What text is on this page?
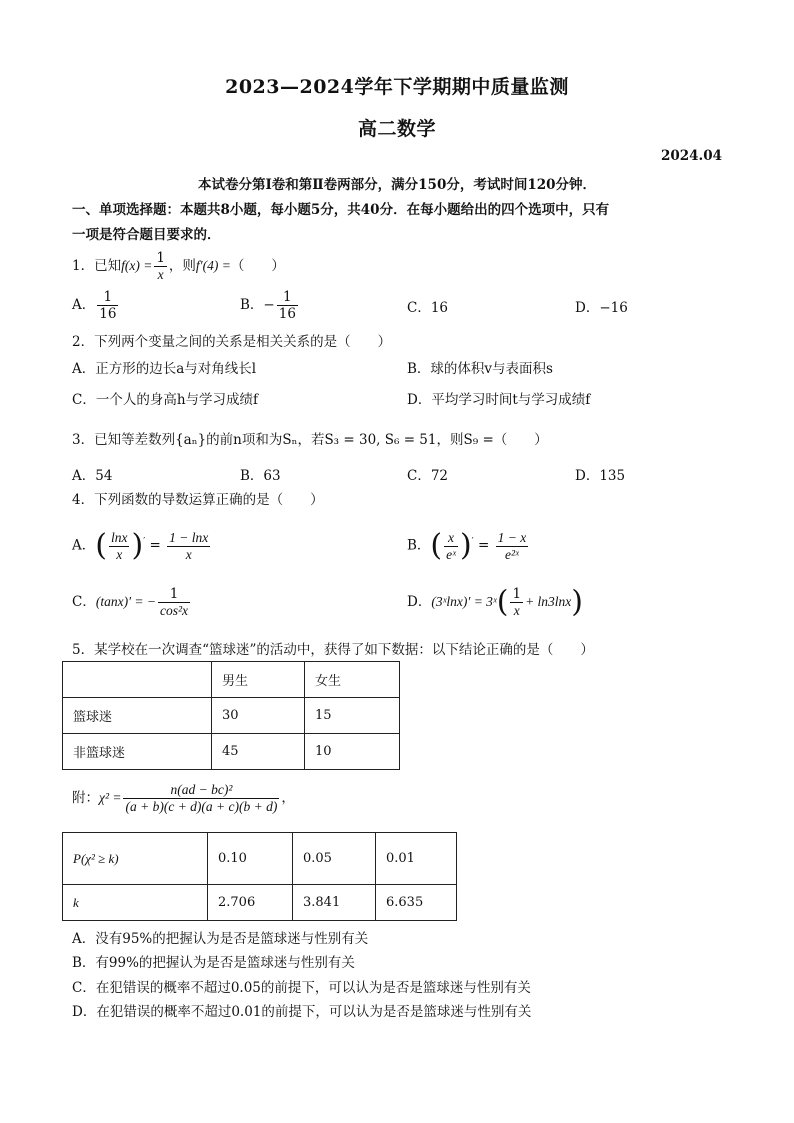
2023—2024学年下学期期中质量监测
高二数学
2024.04
本试卷分第Ⅰ卷和第Ⅱ卷两部分，满分150分，考试时间120分钟．
一、单项选择题：本题共8小题，每小题5分，共40分．在每小题给出的四个选项中，只有
一项是符合题目要求的．
1．已知$f(x) = \frac{1}{x}$ ，则f′(4) =（　　）
A． $\frac{1}{16}$	B．− $\frac{1}{16}$	C．16	D．−16
2．下列两个变量之间的关系是相关关系的是（　　）
A．正方形的边长a与对角线长l	B．球的体积v与表面积s
C．一个人的身高h与学习成绩f	D．平均学习时间t与学习成绩f
3．已知等差数列{aₙ}的前n项和为Sₙ，若S₃ = 30, S₆ = 51，则S₉ =（　　）
A．54	B．63	C．72	D．135
4．下列函数的导数运算正确的是（　　）
A．( $\frac{\ln x}{x} )' = \frac{1 - \ln x}{x}$	B．( $\frac{x}{\text{eˣ}} )' = \frac{1 - x}{\text{e²ˣ}}$
C．(tanx)′ = − $\frac{1}{\text{cos²x}}$	D．(3ˣlnx)′ = 3ˣ( $\frac{1}{x} + \ln 3\ln x$)
5．某学校在一次调查“篮球迷”的活动中，获得了如下数据：以下结论正确的是（　　）
	男生	女生
篮球迷	30	15
非篮球迷	45	10
附：$\chi^2 = \frac{\text{n(ad − bc)²}}{(a + b)(c + d)(a + c)(b + d)}$ ，
P(χ² ≥ k)	0.10	0.05	0.01
k	2.706	3.841	6.635
A．没有95%的把握认为是否是篮球迷与性别有关
B．有99%的把握认为是否是篮球迷与性别有关
C．在犯错误的概率不超过0.05的前提下，可以认为是否是篮球迷与性别有关
D．在犯错误的概率不超过0.01的前提下，可以认为是否是篮球迷与性别有关
